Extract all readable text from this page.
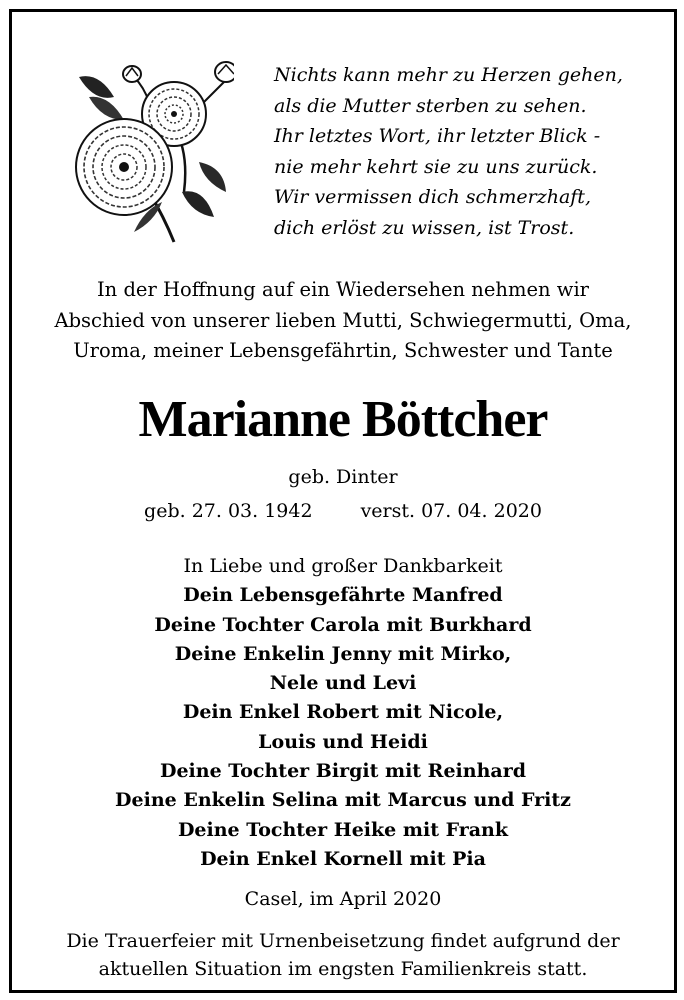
Nichts kann mehr zu Herzen gehen,
als die Mutter sterben zu sehen.
Ihr letztes Wort, ihr letzter Blick -
nie mehr kehrt sie zu uns zurück.
Wir vermissen dich schmerzhaft,
dich erlöst zu wissen, ist Trost.
In der Hoffnung auf ein Wiedersehen nehmen wir
Abschied von unserer lieben Mutti, Schwiegermutti, Oma,
Uroma, meiner Lebensgefährtin, Schwester und Tante
Marianne Böttcher
geb. Dinter
geb. 27. 03. 1942	verst. 07. 04. 2020
In Liebe und großer Dankbarkeit
Dein Lebensgefährte Manfred
Deine Tochter Carola mit Burkhard
Deine Enkelin Jenny mit Mirko,
Nele und Levi
Dein Enkel Robert mit Nicole,
Louis und Heidi
Deine Tochter Birgit mit Reinhard
Deine Enkelin Selina mit Marcus und Fritz
Deine Tochter Heike mit Frank
Dein Enkel Kornell mit Pia
Casel, im April 2020
Die Trauerfeier mit Urnenbeisetzung findet aufgrund der
aktuellen Situation im engsten Familienkreis statt.
